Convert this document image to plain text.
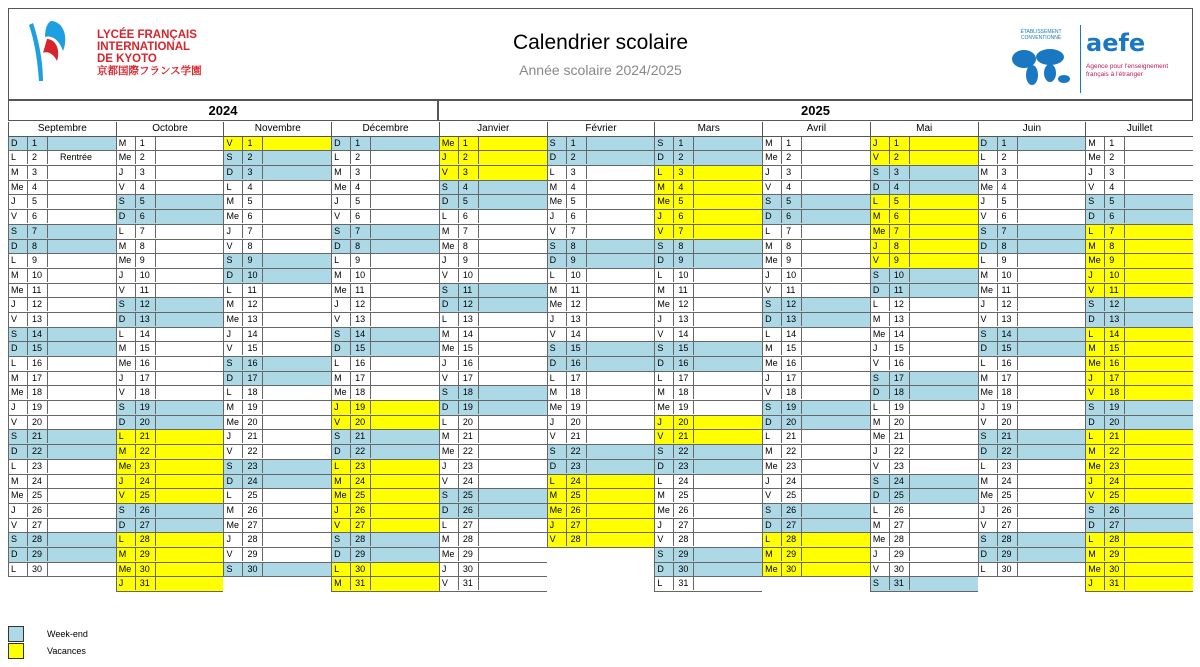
LYCÉE FRANÇAIS
INTERNATIONAL
DE KYOTO
京都国際フランス学園
Calendrier scolaire
Année scolaire 2024/2025
ÉTABLISSEMENT CONVENTIONNÉ	aefe
Agence pour l'enseignement français à l'étranger
2024	2025
Septembre
D	1
L	2	Rentrée
M	3
Me 4
J	5
V	6
S	7
D	8
L	9
M	10
Me 11
J	12
V	13
S	14
D	15
L	16
M	17
Me 18
J	19
V	20
S	21
D	22
L	23
M	24
Me 25
J	26
V	27
S	28
D	29
L	30
Octobre
M	1
Me 2
J	3
V	4
S	5
D	6
L	7
M	8
Me 9
J	10
V	11
S	12
D	13
L	14
M	15
Me 16
J	17
V	18
S	19
D	20
L	21
M	22
Me 23
J	24
V	25
S	26
D	27
L	28
M	29
Me 30
J	31
Novembre
V	1
S	2
D	3
L	4
M	5
Me 6
J	7
V	8
S	9
D	10
L	11
M	12
Me 13
J	14
V	15
S	16
D	17
L	18
M	19
Me 20
J	21
V	22
S	23
D	24
L	25
M	26
Me 27
J	28
V	29
S	30
Décembre
D	1
L	2
M	3
Me 4
J	5
V	6
S	7
D	8
L	9
M	10
Me 11
J	12
V	13
S	14
D	15
L	16
M	17
Me 18
J	19
V	20
S	21
D	22
L	23
M	24
Me 25
J	26
V	27
S	28
D	29
L	30
M	31
Janvier
Me 1
J	2
V	3
S	4
D	5
L	6
M	7
Me 8
J	9
V	10
S	11
D	12
L	13
M	14
Me 15
J	16
V	17
S	18
D	19
L	20
M	21
Me 22
J	23
V	24
S	25
D	26
L	27
M	28
Me 29
J	30
V	31
Février
S	1
D	2
L	3
M	4
Me 5
J	6
V	7
S	8
D	9
L	10
M	11
Me 12
J	13
V	14
S	15
D	16
L	17
M	18
Me 19
J	20
V	21
S	22
D	23
L	24
M	25
Me 26
J	27
V	28
Mars
S	1
D	2
L	3
M	4
Me 5
J	6
V	7
S	8
D	9
L	10
M	11
Me 12
J	13
V	14
S	15
D	16
L	17
M	18
Me 19
J	20
V	21
S	22
D	23
L	24
M	25
Me 26
J	27
V	28
S	29
D	30
L	31
Avril
M	1
Me 2
J	3
V	4
S	5
D	6
L	7
M	8
Me 9
J	10
V	11
S	12
D	13
L	14
M	15
Me 16
J	17
V	18
S	19
D	20
L	21
M	22
Me 23
J	24
V	25
S	26
D	27
L	28
M	29
Me 30
Mai
J	1
V	2
S	3
D	4
L	5
M	6
Me 7
J	8
V	9
S	10
D	11
L	12
M	13
Me 14
J	15
V	16
S	17
D	18
L	19
M	20
Me 21
J	22
V	23
S	24
D	25
L	26
M	27
Me 28
J	29
V	30
S	31
Juin
D	1
L	2
M	3
Me 4
J	5
V	6
S	7
D	8
L	9
M	10
Me 11
J	12
V	13
S	14
D	15
L	16
M	17
Me 18
J	19
V	20
S	21
D	22
L	23
M	24
Me 25
J	26
V	27
S	28
D	29
L	30
Juillet
M	1
Me 2
J	3
V	4
S	5
D	6
L	7
M	8
Me 9
J	10
V	11
S	12
D	13
L	14
M	15
Me 16
J	17
V	18
S	19
D	20
L	21
M	22
Me 23
J	24
V	25
S	26
D	27
L	28
M	29
Me 30
J	31
Week-end
Vacances
